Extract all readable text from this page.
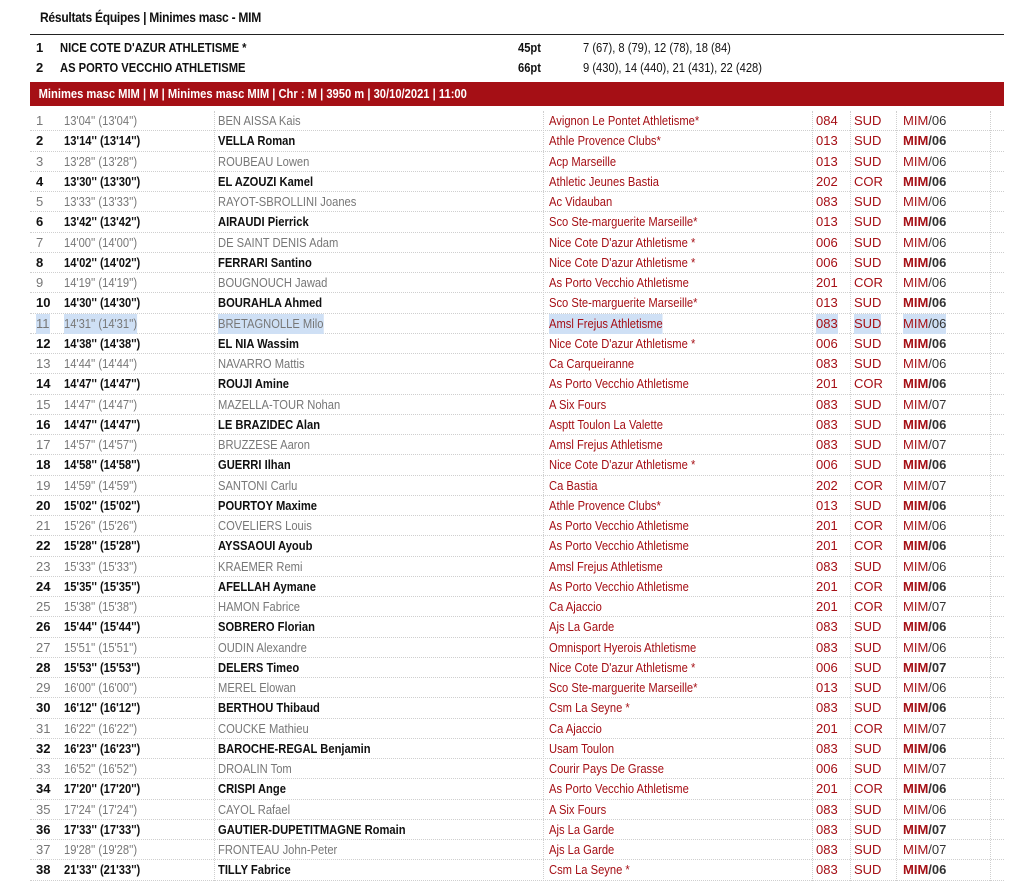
Résultats Équipes | Minimes masc - MIM
1 NICE COTE D'AZUR ATHLETISME *	45pt	7 (67), 8 (79), 12 (78), 18 (84)
2 AS PORTO VECCHIO ATHLETISME	66pt	9 (430), 14 (440), 21 (431), 22 (428)
Minimes masc MIM | M | Minimes masc MIM | Chr : M | 3950 m | 30/10/2021 | 11:00
1 13'04'' (13'04'')	BEN AISSA Kais	Avignon Le Pontet Athletisme*	084 SUD MIM/06
2 13'14'' (13'14'')	VELLA Roman	Athle Provence Clubs*	013 SUD MIM/06
3 13'28'' (13'28'')	ROUBEAU Lowen	Acp Marseille	013 SUD MIM/06
4 13'30'' (13'30'')	EL AZOUZI Kamel	Athletic Jeunes Bastia	202 COR MIM/06
5 13'33'' (13'33'')	RAYOT-SBROLLINI Joanes	Ac Vidauban	083 SUD MIM/06
6 13'42'' (13'42'')	AIRAUDI Pierrick	Sco Ste-marguerite Marseille*	013 SUD MIM/06
7 14'00'' (14'00'')	DE SAINT DENIS Adam	Nice Cote D'azur Athletisme *	006 SUD MIM/06
8 14'02'' (14'02'')	FERRARI Santino	Nice Cote D'azur Athletisme *	006 SUD MIM/06
9 14'19'' (14'19'')	BOUGNOUCH Jawad	As Porto Vecchio Athletisme	201 COR MIM/06
10 14'30'' (14'30'')	BOURAHLA Ahmed	Sco Ste-marguerite Marseille*	013 SUD MIM/06
11 14'31'' (14'31'')	BRETAGNOLLE Milo	Amsl Frejus Athletisme	083 SUD MIM/06
12 14'38'' (14'38'')	EL NIA Wassim	Nice Cote D'azur Athletisme *	006 SUD MIM/06
13 14'44'' (14'44'')	NAVARRO Mattis	Ca Carqueiranne	083 SUD MIM/06
14 14'47'' (14'47'')	ROUJI Amine	As Porto Vecchio Athletisme	201 COR MIM/06
15 14'47'' (14'47'')	MAZELLA-TOUR Nohan	A Six Fours	083 SUD MIM/07
16 14'47'' (14'47'')	LE BRAZIDEC Alan	Asptt Toulon La Valette	083 SUD MIM/06
17 14'57'' (14'57'')	BRUZZESE Aaron	Amsl Frejus Athletisme	083 SUD MIM/07
18 14'58'' (14'58'')	GUERRI Ilhan	Nice Cote D'azur Athletisme *	006 SUD MIM/06
19 14'59'' (14'59'')	SANTONI Carlu	Ca Bastia	202 COR MIM/07
20 15'02'' (15'02'')	POURTOY Maxime	Athle Provence Clubs*	013 SUD MIM/06
21 15'26'' (15'26'')	COVELIERS Louis	As Porto Vecchio Athletisme	201 COR MIM/06
22 15'28'' (15'28'')	AYSSAOUI Ayoub	As Porto Vecchio Athletisme	201 COR MIM/06
23 15'33'' (15'33'')	KRAEMER Remi	Amsl Frejus Athletisme	083 SUD MIM/06
24 15'35'' (15'35'')	AFELLAH Aymane	As Porto Vecchio Athletisme	201 COR MIM/06
25 15'38'' (15'38'')	HAMON Fabrice	Ca Ajaccio	201 COR MIM/07
26 15'44'' (15'44'')	SOBRERO Florian	Ajs La Garde	083 SUD MIM/06
27 15'51'' (15'51'')	OUDIN Alexandre	Omnisport Hyerois Athletisme	083 SUD MIM/06
28 15'53'' (15'53'')	DELERS Timeo	Nice Cote D'azur Athletisme *	006 SUD MIM/07
29 16'00'' (16'00'')	MEREL Elowan	Sco Ste-marguerite Marseille*	013 SUD MIM/06
30 16'12'' (16'12'')	BERTHOU Thibaud	Csm La Seyne *	083 SUD MIM/06
31 16'22'' (16'22'')	COUCKE Mathieu	Ca Ajaccio	201 COR MIM/07
32 16'23'' (16'23'')	BAROCHE-REGAL Benjamin	Usam Toulon	083 SUD MIM/06
33 16'52'' (16'52'')	DROALIN Tom	Courir Pays De Grasse	006 SUD MIM/07
34 17'20'' (17'20'')	CRISPI Ange	As Porto Vecchio Athletisme	201 COR MIM/06
35 17'24'' (17'24'')	CAYOL Rafael	A Six Fours	083 SUD MIM/06
36 17'33'' (17'33'')	GAUTIER-DUPETITMAGNE Romain	Ajs La Garde	083 SUD MIM/07
37 19'28'' (19'28'')	FRONTEAU John-Peter	Ajs La Garde	083 SUD MIM/07
38 21'33'' (21'33'')	TILLY Fabrice	Csm La Seyne *	083 SUD MIM/06
